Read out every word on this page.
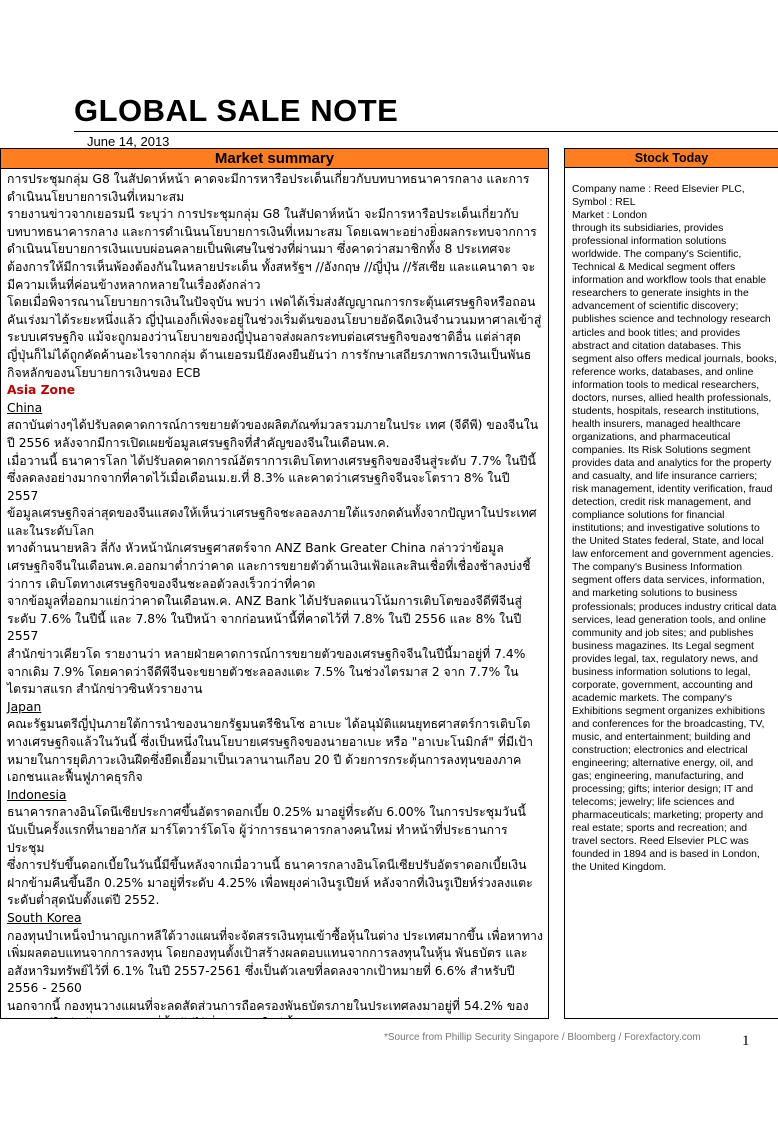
GLOBAL SALE NOTE
June 14, 2013
Market summary

การประชุมกลุ่ม G8 ในสัปดาห์หน้า คาดจะมีการหารือประเด็นเกี่ยวกับบทบาทธนาคารกลาง และการดำเนินนโยบายการเงินที่เหมาะสม

รายงานข่าวจากเยอรมนี ระบุว่า การประชุมกลุ่ม G8 ในสัปดาห์หน้า จะมีการหารือประเด็นเกี่ยวกับบทบาทธนาคารกลาง และการดำเนินนโยบายการเงินที่เหมาะสม โดยเฉพาะอย่างยิ่งผลกระทบจากการดำเนินนโยบายการเงินแบบผ่อนคลายเป็นพิเศษในช่วงที่ผ่านมา ซึ่งคาดว่าสมาชิกทั้ง 8 ประเทศจะต้องการให้มีการเห็นพ้องต้องกันในหลายประเด็น ทั้งสหรัฐฯ //อังกฤษ //ญี่ปุ่น //รัสเซีย และแคนาดา จะมีความเห็นที่ค่อนข้างหลากหลายในเรื่องดังกล่าว

โดยเมื่อพิจารณานโยบายการเงินในปัจจุบัน พบว่า เฟดได้เริ่มส่งสัญญาณการกระตุ้นเศรษฐกิจหรือถอนคันเร่งมาได้ระยะหนึ่งแล้ว ญี่ปุ่นเองก็เพิ่งจะอยู่ในช่วงเริ่มต้นของนโยบายอัดฉีดเงินจำนวนมหาศาลเข้าสู่ระบบเศรษฐกิจ แม้จะถูกมองว่านโยบายของญี่ปุ่นอาจส่งผลกระทบต่อเศรษฐกิจของชาติอื่น แต่ล่าสุดญี่ปุ่นก็ไม่ได้ถูกคัดค้านอะไรจากกลุ่ม ด้านเยอรมนียังคงยืนยันว่า การรักษาเสถียรภาพการเงินเป็นพันธกิจหลักของนโยบายการเงินของ ECB

Asia Zone

China

สถาบันต่างๆได้ปรับลดคาดการณ์การขยายตัวของผลิตภัณฑ์มวลรวมภายในประ เทศ (จีดีพี) ของจีนในปี 2556 หลังจากมีการเปิดเผยข้อมูลเศรษฐกิจที่สำคัญของจีนในเดือนพ.ค.

เมื่อวานนี้ ธนาคารโลก ได้ปรับลดคาดการณ์อัตราการเติบโตทางเศรษฐกิจของจีนสู่ระดับ 7.7% ในปีนี้ ซึ่งลดลงอย่างมากจากที่คาดไว้เมื่อเดือนเม.ย.ที่ 8.3% และคาดว่าเศรษฐกิจจีนจะโตราว 8% ในปี 2557

ข้อมูลเศรษฐกิจล่าสุดของจีนแสดงให้เห็นว่าเศรษฐกิจชะลอลงภายใต้แรงกดดันทั้งจากปัญหาในประเทศและในระดับโลก

ทางด้านนายหลิว ลี่กัง หัวหน้านักเศรษฐศาสตร์จาก ANZ Bank Greater China กล่าวว่าข้อมูลเศรษฐกิจจีนในเดือนพ.ค.ออกมาต่ำกว่าคาด และการขยายตัวด้านเงินเฟ้อและสินเชื่อที่เชื่องช้าลงบ่งชี้ว่าการ เติบโตทางเศรษฐกิจของจีนชะลอตัวลงเร็วกว่าที่คาด

จากข้อมูลที่ออกมาแย่กว่าคาดในเดือนพ.ค. ANZ Bank ได้ปรับลดแนวโน้มการเติบโตของจีดีพีจีนสู่ระดับ 7.6% ในปีนี้ และ 7.8% ในปีหน้า จากก่อนหน้านี้ที่คาดไว้ที่ 7.8% ในปี 2556 และ 8% ในปี 2557

สำนักข่าวเคียวโด รายงานว่า หลายฝ่ายคาดการณ์การขยายตัวของเศรษฐกิจจีนในปีนี้มาอยู่ที่ 7.4% จากเดิม 7.9% โดยคาดว่าจีดีพีจีนจะขยายตัวชะลอลงแตะ 7.5% ในช่วงไตรมาส 2 จาก 7.7% ในไตรมาสแรก สำนักข่าวซินหัวรายงาน

Japan

คณะรัฐมนตรีญี่ปุ่นภายใต้การนำของนายกรัฐมนตรีชินโซ อาเบะ ได้อนุมัติแผนยุทธศาสตร์การเติบโตทางเศรษฐกิจแล้วในวันนี้ ซึ่งเป็นหนึ่งในนโยบายเศรษฐกิจของนายอาเบะ หรือ "อาเบะโนมิกส์" ที่มีเป้าหมายในการยุติภาวะเงินฝืดซึ่งยืดเยื้อมาเป็นเวลานานเกือบ 20 ปี ด้วยการกระตุ้นการลงทุนของภาคเอกชนและฟื้นฟูภาคธุรกิจ

Indonesia

ธนาคารกลางอินโดนีเซียประกาศขึ้นอัตราดอกเบี้ย 0.25% มาอยู่ที่ระดับ 6.00% ในการประชุมวันนี้ นับเป็นครั้งแรกที่นายอากัส มาร์โตวาร์โดโจ ผู้ว่าการธนาคารกลางคนใหม่ ทำหน้าที่ประธานการประชุม

ซึ่งการปรับขึ้นดอกเบี้ยในวันนี้มีขึ้นหลังจากเมื่อวานนี้ ธนาคารกลางอินโดนีเซียปรับอัตราดอกเบี้ยเงินฝากข้ามคืนขึ้นอีก 0.25% มาอยู่ที่ระดับ 4.25% เพื่อพยุงค่าเงินรูเปียห์ หลังจากที่เงินรูเปียห์ร่วงลงแตะระดับต่ำสุดนับตั้งแต่ปี 2552.

South Korea

กองทุนบำเหน็จบำนาญเกาหลีใต้วางแผนที่จะจัดสรรเงินทุนเข้าซื้อหุ้นในต่าง ประเทศมากขึ้น เพื่อหาทางเพิ่มผลตอบแทนจากการลงทุน โดยกองทุนตั้งเป้าสร้างผลตอบแทนจากการลงทุนในหุ้น พันธบัตร และอสังหาริมทรัพย์ไว้ที่ 6.1% ในปี 2557-2561 ซึ่งเป็นตัวเลขที่ลดลงจากเป้าหมายที่ 6.6% สำหรับปี 2556 - 2560

นอกจากนี้ กองทุนวางแผนที่จะลดสัดส่วนการถือครองพันธบัตรภายในประเทศลงมาอยู่ที่ 54.2% ของ

Stock Today
Company name : Reed Elsevier PLC,
Symbol : REL
Market : London
through its subsidiaries, provides
professional information solutions
worldwide. The company's Scientific,
Technical & Medical segment offers
information and workflow tools that enable
researchers to generate insights in the
advancement of scientific discovery;
publishes science and technology research
articles and book titles; and provides
abstract and citation databases. This
segment also offers medical journals, books,
reference works, databases, and online
information tools to medical researchers,
doctors, nurses, allied health professionals,
students, hospitals, research institutions,
health insurers, managed healthcare
organizations, and pharmaceutical
companies. Its Risk Solutions segment
provides data and analytics for the property
and casualty, and life insurance carriers;
risk management, identity verification, fraud
detection, credit risk management, and
compliance solutions for financial
institutions; and investigative solutions to
the United States federal, State, and local
law enforcement and government agencies.
The company's Business Information
segment offers data services, information,
and marketing solutions to business
professionals; produces industry critical data
services, lead generation tools, and online
community and job sites; and publishes
business magazines. Its Legal segment
provides legal, tax, regulatory news, and
business information solutions to legal,
corporate, government, accounting and
academic markets. The company's
Exhibitions segment organizes exhibitions
and conferences for the broadcasting, TV,
music, and entertainment; building and
construction; electronics and electrical
engineering; alternative energy, oil, and
gas; engineering, manufacturing, and
processing; gifts; interior design; IT and
telecoms; jewelry; life sciences and
pharmaceuticals; marketing; property and
real estate; sports and recreation; and
travel sectors. Reed Elsevier PLC was
founded in 1894 and is based in London,
the United Kingdom.
*Source from Phillip Security Singapore / Bloomberg / Forexfactory.com	1
